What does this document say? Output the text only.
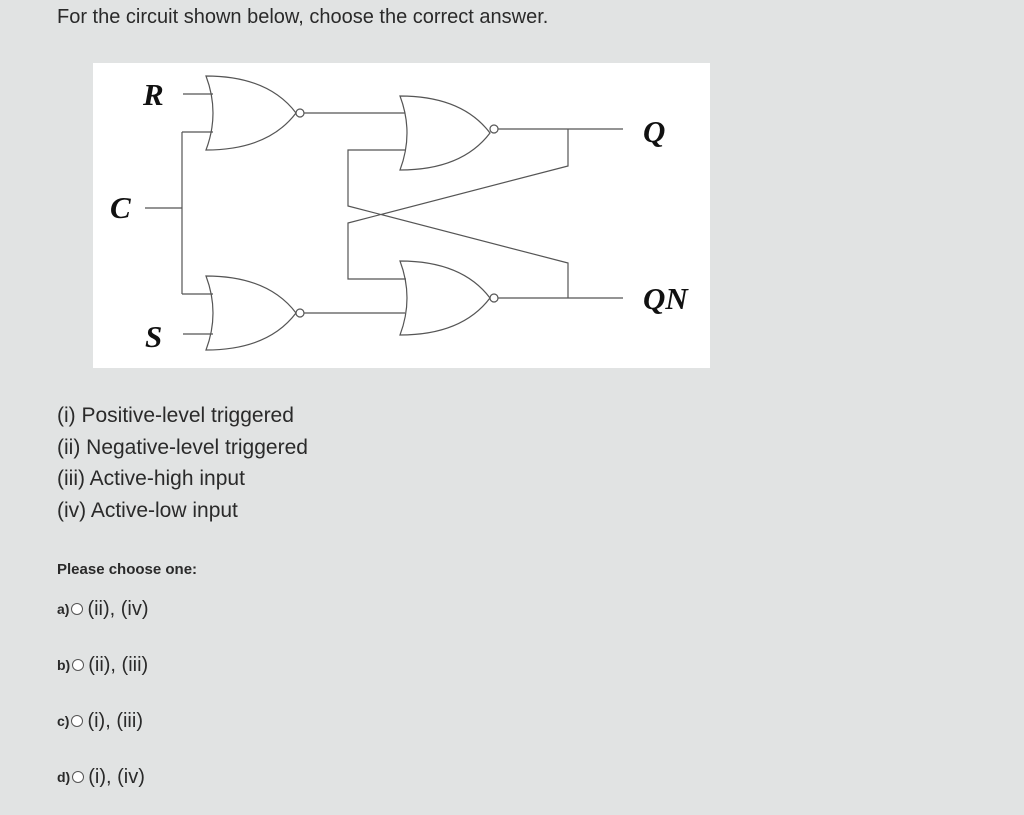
For the circuit shown below, choose the correct answer.
R
C
S
Q
QN
(i) Positive-level triggered
(ii) Negative-level triggered
(iii) Active-high input
(iv) Active-low input
Please choose one:
a) (ii), (iv)
b) (ii), (iii)
c) (i), (iii)
d) (i), (iv)
